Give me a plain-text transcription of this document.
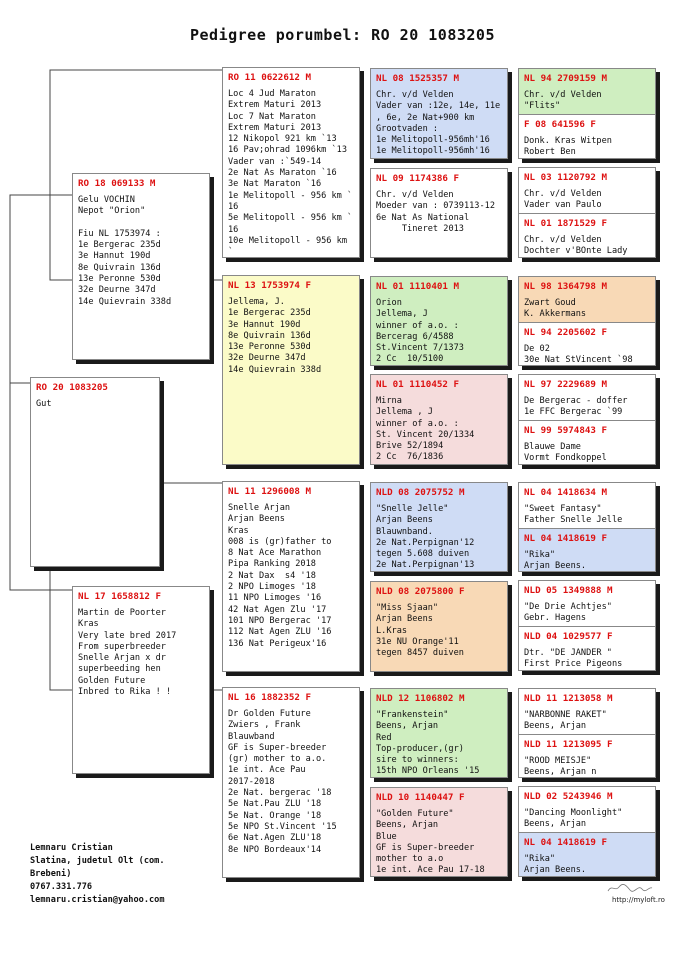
Pedigree porumbel: RO 20 1083205
RO 20 1083205
Gut
RO 18 069133 M
Gelu VOCHIN
Nepot "Orion"

Fiu NL 1753974 :
1e Bergerac 235d
3e Hannut 190d
8e Quivrain 136d
13e Peronne 530d
32e Deurne 347d
14e Quievrain 338d
NL 17 1658812 F
Martin de Poorter
Kras
Very late bred 2017
From superbreeder
Snelle Arjan x dr
superbeeding hen
Golden Future
Inbred to Rika ! !
RO 11 0622612 M
Loc 4 Jud Maraton
Extrem Maturi 2013
Loc 7 Nat Maraton
Extrem Maturi 2013
12 Nikopol 921 km `13
16 Pav;ohrad 1096km `13
Vader van :`549-14
2e Nat As Maraton `16
3e Nat Maraton `16
1e Melitopoll - 956 km `
16
5e Melitopoll - 956 km `
16
10e Melitopoll - 956 km `
NL 13 1753974 F
Jellema, J.
1e Bergerac 235d
3e Hannut 190d
8e Quivrain 136d
13e Peronne 530d
32e Deurne 347d
14e Quievrain 338d
NL 11 1296008 M
Snelle Arjan
Arjan Beens
Kras
008 is (gr)father to
8 Nat Ace Marathon
Pipa Ranking 2018
2 Nat Dax  s4 '18
2 NPO Limoges '18
11 NPO Limoges '16
42 Nat Agen Zlu '17
101 NPO Bergerac '17
112 Nat Agen ZLU '16
136 Nat Perigeux'16
NL 16 1882352 F
Dr Golden Future
Zwiers , Frank
Blauwband
GF is Super-breeder
(gr) mother to a.o.
1e int. Ace Pau
2017-2018
2e Nat. bergerac '18
5e Nat.Pau ZLU '18
5e Nat. Orange '18
5e NPO St.Vincent '15
6e Nat.Agen ZLU'18
8e NPO Bordeaux'14
NL 08 1525357 M
Chr. v/d Velden
Vader van :12e, 14e, 11e
, 6e, 2e Nat+900 km
Grootvaden :
1e Melitopoll-956mh'16
1e Melitopoll-956mh'16
NL 09 1174386 F
Chr. v/d Velden
Moeder van : 0739113-12
6e Nat As National
Tineret 2013
NL 01 1110401 M
Orion
Jellema, J
winner of a.o. :
Bercerag 6/4588
St.Vincent 7/1373
2 Cc  10/5100
NL 01 1110452 F
Mirna
Jellema , J
winner of a.o. :
St. Vincent 20/1334
Brive 52/1894
2 Cc  76/1836
NLD 08 2075752 M
"Snelle Jelle"
Arjan Beens
Blauwnband.
2e Nat.Perpignan'12
tegen 5.608 duiven
2e Nat.Perpignan'13
NLD 08 2075800 F
"Miss Sjaan"
Arjan Beens
L.Kras
31e NU Orange'11
tegen 8457 duiven
NLD 12 1106802 M
"Frankenstein"
Beens, Arjan
Red
Top-producer,(gr)
sire to winners:
15th NPO Orleans '15
NLD 10 1140447 F
"Golden Future"
Beens, Arjan
Blue
GF is Super-breeder
mother to a.o
1e int. Ace Pau 17-18
NL 94 2709159 M
Chr. v/d Velden
"Flits"
F 08 641596 F
Donk. Kras Witpen
Robert Ben
NL 03 1120792 M
Chr. v/d Velden
Vader van Paulo
NL 01 1871529 F
Chr. v/d Velden
Dochter v'BOnte Lady
NL 98 1364798 M
Zwart Goud
K. Akkermans
NL 94 2205602 F
De 02
30e Nat StVincent `98
NL 97 2229689 M
De Bergerac - doffer
1e FFC Bergerac `99
NL 99 5974843 F
Blauwe Dame
Vormt Fondkoppel
NL 04 1418634 M
"Sweet Fantasy"
Father Snelle Jelle
NL 04 1418619 F
"Rika"
Arjan Beens.
NLD 05 1349888 M
"De Drie Achtjes"
Gebr. Hagens
NLD 04 1029577 F
Dtr. "DE JANDER "
First Price Pigeons
NLD 11 1213058 M
"NARBONNE RAKET"
Beens, Arjan
NLD 11 1213095 F
"ROOD MEISJE"
Beens, Arjan n
NLD 02 5243946 M
"Dancing Moonlight"
Beens, Arjan
NL 04 1418619 F
"Rika"
Arjan Beens.
Lemnaru Cristian
Slatina, judetul Olt (com.
Brebeni)
0767.331.776
lemnaru.cristian@yahoo.com	http://myloft.ro
